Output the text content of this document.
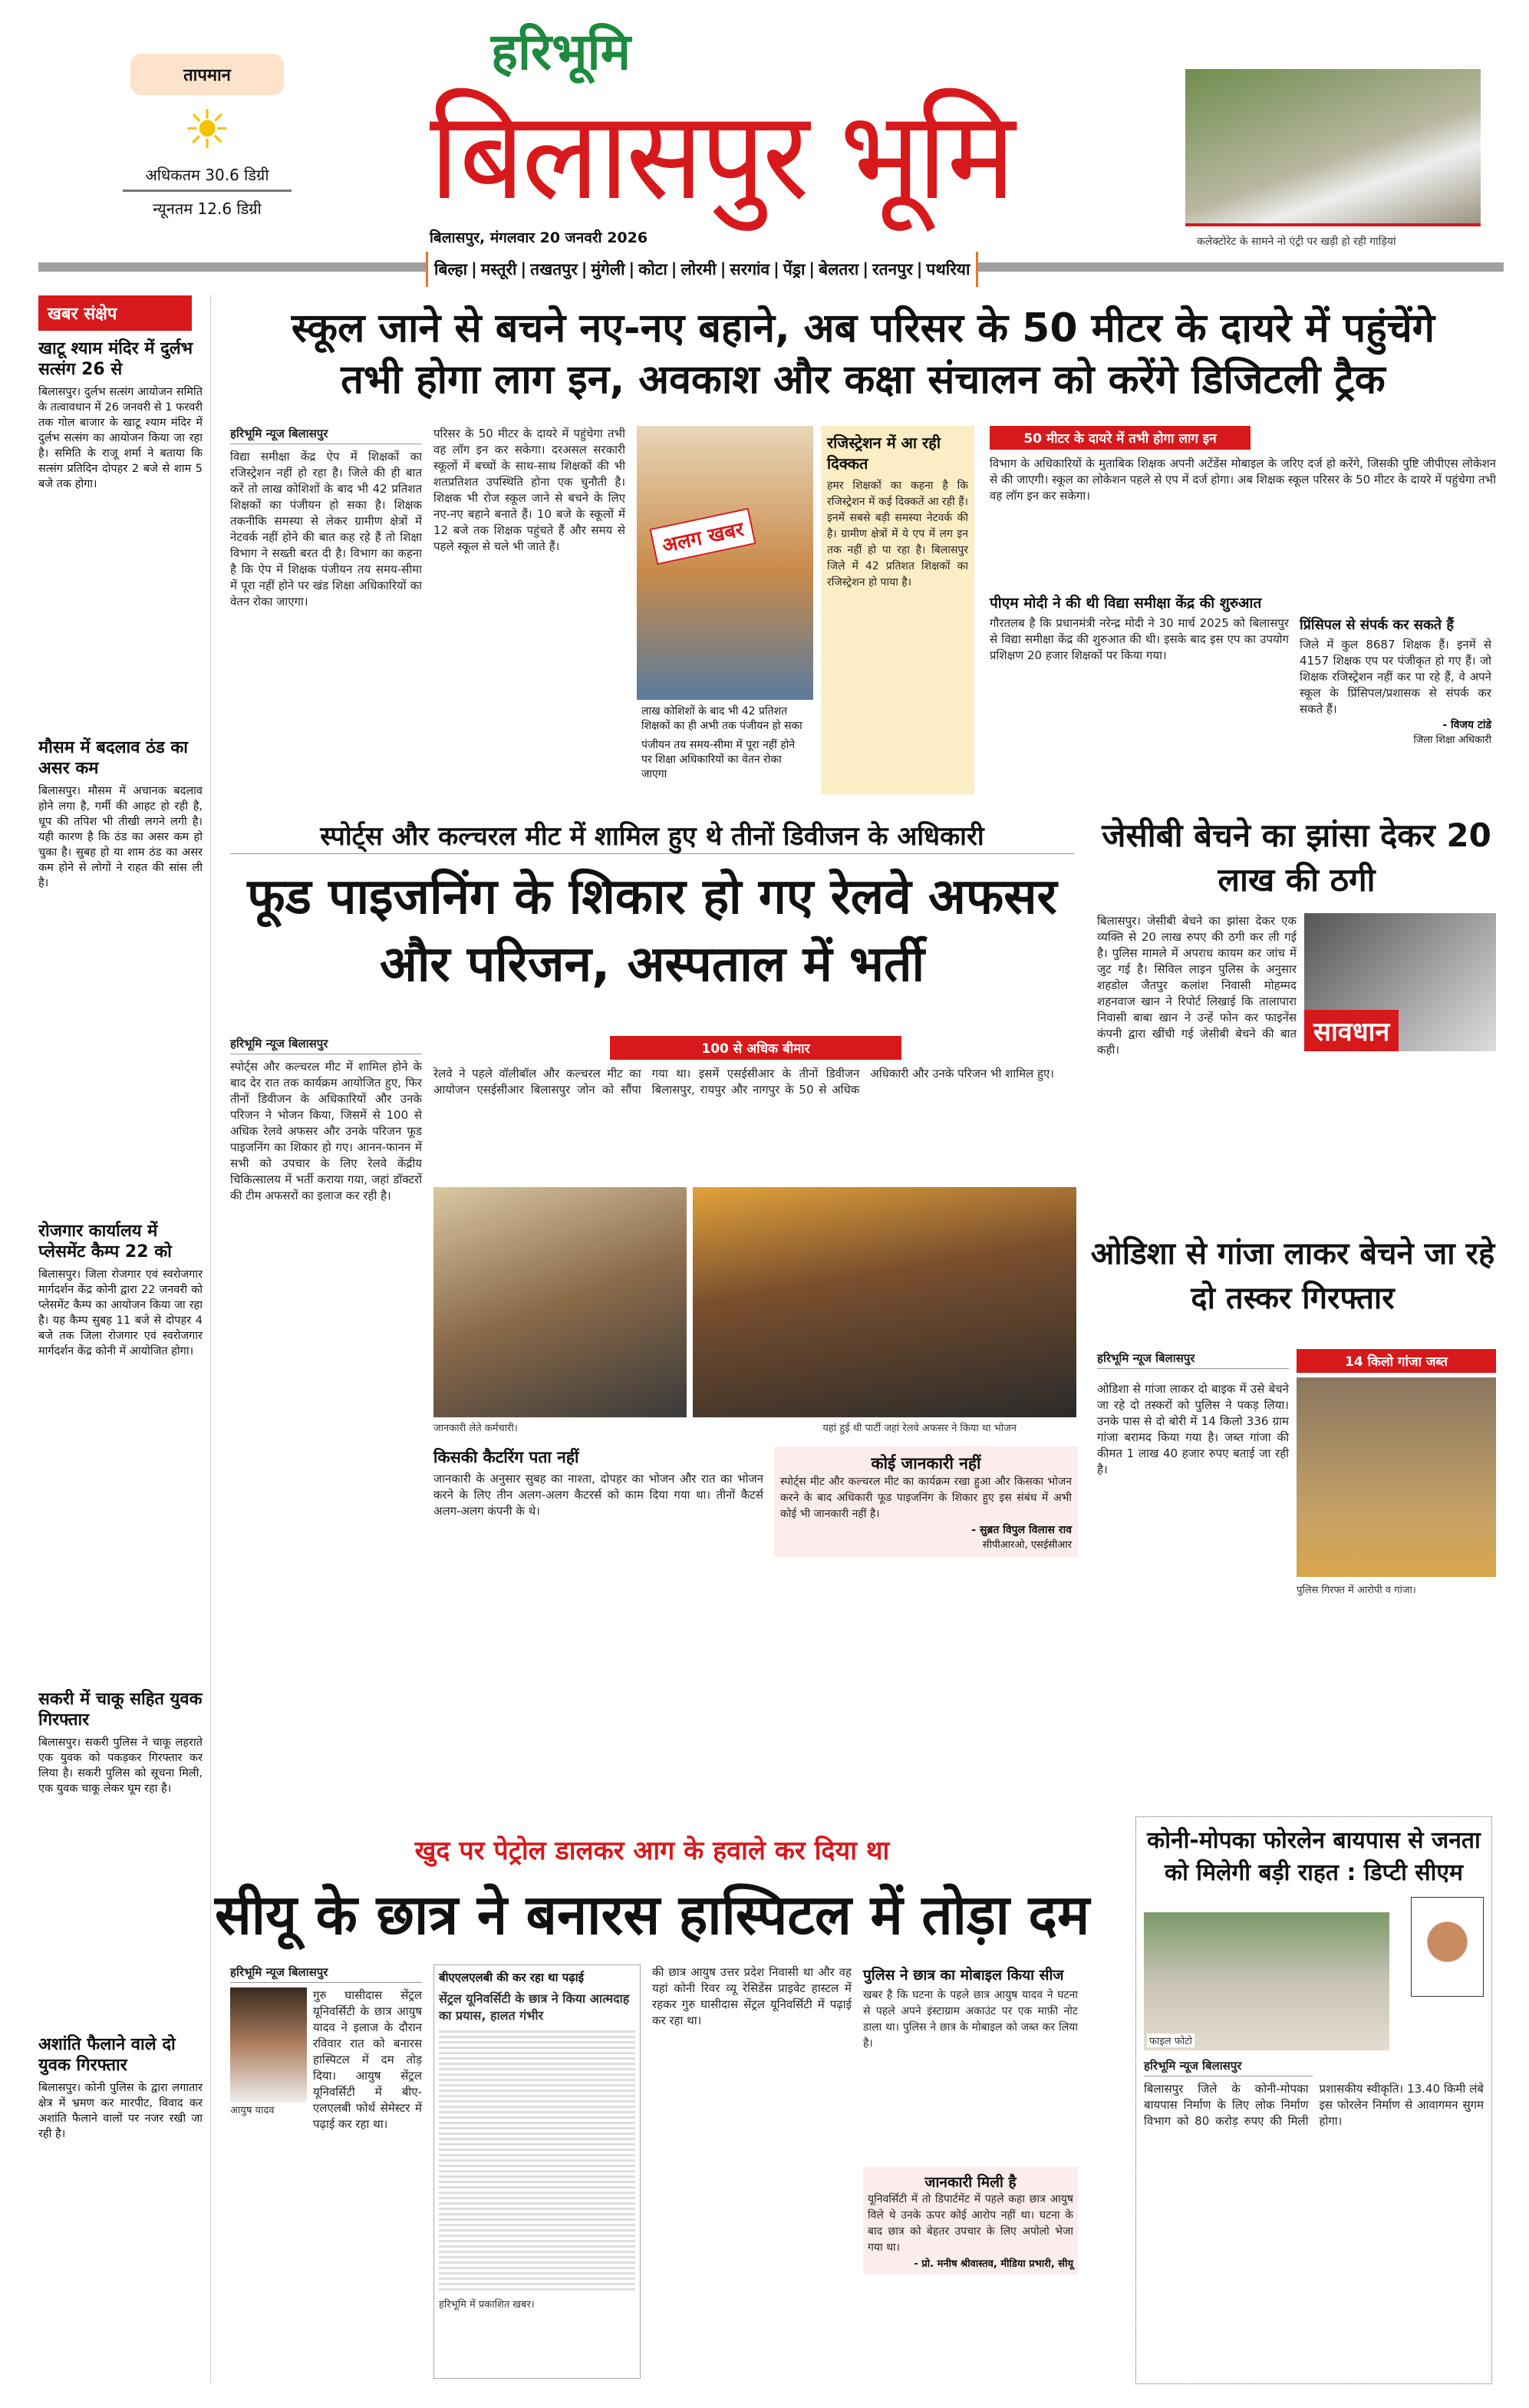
तापमान
☀
अधिकतम 30.6 डिग्री
न्यूनतम 12.6 डिग्री
हरिभूमि
बिलासपुर भूमि
बिलासपुर, मंगलवार 20 जनवरी 2026	कलेक्टोरेट के सामने नो एंट्री पर खड़ी हो रही गाड़ियां
बिल्हा | मस्तूरी | तखतपुर | मुंगेली | कोटा | लोरमी | सरगांव | पेंड्रा | बेलतरा | रतनपुर | पथरिया
खबर संक्षेप
खाटू श्याम मंदिर में दुर्लभ सत्संग 26 से

बिलासपुर। दुर्लभ सत्संग आयोजन समिति के तत्वावधान में 26 जनवरी से 1 फरवरी तक गोल बाजार के खाटू श्याम मंदिर में दुर्लभ सत्संग का आयोजन किया जा रहा है। समिति के राजू शर्मा ने बताया कि सत्संग प्रतिदिन दोपहर 2 बजे से शाम 5 बजे तक होगा।

मौसम में बदलाव ठंड का असर कम

बिलासपुर। मौसम में अचानक बदलाव होने लगा है, गर्मी की आहट हो रही है, धूप की तपिश भी तीखी लगने लगी है। यही कारण है कि ठंड का असर कम हो चुका है। सुबह हो या शाम ठंड का असर कम होने से लोगों ने राहत की सांस ली है।

रोजगार कार्यालय में प्लेसमेंट कैम्प 22 को

बिलासपुर। जिला रोजगार एवं स्वरोजगार मार्गदर्शन केंद्र कोनी द्वारा 22 जनवरी को प्लेसमेंट कैम्प का आयोजन किया जा रहा है। यह कैम्प सुबह 11 बजे से दोपहर 4 बजे तक जिला रोजगार एवं स्वरोजगार मार्गदर्शन केंद्र कोनी में आयोजित होगा।

सकरी में चाकू सहित युवक गिरफ्तार

बिलासपुर। सकरी पुलिस ने चाकू लहराते एक युवक को पकड़कर गिरफ्तार कर लिया है। सकरी पुलिस को सूचना मिली, एक युवक चाकू लेकर घूम रहा है।

अशांति फैलाने वाले दो युवक गिरफ्तार

बिलासपुर। कोनी पुलिस के द्वारा लगातार क्षेत्र में भ्रमण कर मारपीट, विवाद कर अशांति फैलाने वालों पर नजर रखी जा रही है।

स्कूल जाने से बचने नए-नए बहाने, अब परिसर के 50 मीटर के दायरे में पहुंचेंगे
तभी होगा लाग इन, अवकाश और कक्षा संचालन को करेंगे डिजिटली ट्रैक
हरिभूमि न्यूज बिलासपुर
विद्या समीक्षा केंद्र ऐप में शिक्षकों का रजिस्ट्रेशन नहीं हो रहा है। जिले की ही बात करें तो लाख कोशिशों के बाद भी 42 प्रतिशत शिक्षकों का पंजीयन हो सका है। शिक्षक तकनीकि समस्या से लेकर ग्रामीण क्षेत्रों में नेटवर्क नहीं होने की बात कह रहे हैं तो शिक्षा विभाग ने सख्ती बरत दी है। विभाग का कहना है कि ऐप में शिक्षक पंजीयन तय समय-सीमा में पूरा नहीं होने पर खंड शिक्षा अधिकारियों का वेतन रोका जाएगा।
परिसर के 50 मीटर के दायरे में पहुंचेगा तभी वह लॉग इन कर सकेगा। दरअसल सरकारी स्कूलों में बच्चों के साथ-साथ शिक्षकों की भी शतप्रतिशत उपस्थिति होना एक चुनौती है। शिक्षक भी रोज स्कूल जाने से बचने के लिए नए-नए बहाने बनाते हैं। 10 बजे के स्कूलों में 12 बजे तक शिक्षक पहुंचते हैं और समय से पहले स्कूल से चले भी जाते हैं।	अलग खबर
लाख कोशिशों के बाद भी 42 प्रतिशत शिक्षकों का ही अभी तक पंजीयन हो सका
पंजीयन तय समय-सीमा में पूरा नहीं होने पर शिक्षा अधिकारियों का वेतन रोका जाएगा
रजिस्ट्रेशन में आ रही दिक्कत
हमर शिक्षकों का कहना है कि रजिस्ट्रेशन में कई दिक्कतें आ रही हैं। इनमें सबसे बड़ी समस्या नेटवर्क की है। ग्रामीण क्षेत्रों में ये एप में लग इन तक नहीं हो पा रहा है। बिलासपुर जिले में 42 प्रतिशत शिक्षकों का रजिस्ट्रेशन हो पाया है।
50 मीटर के दायरे में तभी होगा लाग इन
विभाग के अधिकारियों के मुताबिक शिक्षक अपनी अटेंडेंस मोबाइल के जरिए दर्ज हो करेंगे, जिसकी पुष्टि जीपीएस लोकेशन से की जाएगी। स्कूल का लोकेशन पहले से एप में दर्ज होगा। अब शिक्षक स्कूल परिसर के 50 मीटर के दायरे में पहुंचेगा तभी वह लॉग इन कर सकेगा।
पीएम मोदी ने की थी विद्या समीक्षा केंद्र की शुरुआत
गौरतलब है कि प्रधानमंत्री नरेन्द्र मोदी ने 30 मार्च 2025 को बिलासपुर से विद्या समीक्षा केंद्र की शुरुआत की थी। इसके बाद इस एप का उपयोग प्रशिक्षण 20 हजार शिक्षकों पर किया गया।
प्रिंसिपल से संपर्क कर सकते हैं
जिले में कुल 8687 शिक्षक हैं। इनमें से 4157 शिक्षक एप पर पंजीकृत हो गए हैं। जो शिक्षक रजिस्ट्रेशन नहीं कर पा रहे हैं, वे अपने स्कूल के प्रिंसिपल/प्रशासक से संपर्क कर सकते हैं।
- विजय टांडे
जिला शिक्षा अधिकारी
स्पोर्ट्स और कल्चरल मीट में शामिल हुए थे तीनों डिवीजन के अधिकारी
फूड पाइजनिंग के शिकार हो गए रेलवे अफसर और परिजन, अस्पताल में भर्ती
हरिभूमि न्यूज बिलासपुर
स्पोर्ट्स और कल्चरल मीट में शामिल होने के बाद देर रात तक कार्यक्रम आयोजित हुए, फिर तीनों डिवीजन के अधिकारियों और उनके परिजन ने भोजन किया, जिसमें से 100 से अधिक रेलवे अफसर और उनके परिजन फूड पाइजनिंग का शिकार हो गए। आनन-फानन में सभी को उपचार के लिए रेलवे केंद्रीय चिकित्सालय में भर्ती कराया गया, जहां डॉक्टरों की टीम अफसरों का इलाज कर रही है।
100 से अधिक बीमार
रेलवे ने पहले वॉलीबॉल और कल्चरल मीट का आयोजन एसईसीआर बिलासपुर जोन को सौंपा गया था। इसमें एसईसीआर के तीनों डिवीजन बिलासपुर, रायपुर और नागपुर के 50 से अधिक अधिकारी और उनके परिजन भी शामिल हुए।
जानकारी लेते कर्मचारी।	यहां हुई थी पार्टी जहां रेलवे अफसर ने किया था भोजन
किसकी कैटरिंग पता नहीं
जानकारी के अनुसार सुबह का नाश्ता, दोपहर का भोजन और रात का भोजन करने के लिए तीन अलग-अलग कैटरर्स को काम दिया गया था। तीनों कैटर्स अलग-अलग कंपनी के थे।
कोई जानकारी नहीं
स्पोर्ट्स मीट और कल्चरल मीट का कार्यक्रम रखा हुआ और किसका भोजन करने के बाद अधिकारी फूड पाइजनिंग के शिकार हुए इस संबंध में अभी कोई भी जानकारी नहीं है।
- सुब्रत विपुल विलास राव
सीपीआरओ, एसईसीआर
जेसीबी बेचने का झांसा देकर 20 लाख की ठगी
सावधान
बिलासपुर। जेसीबी बेचने का झांसा देकर एक व्यक्ति से 20 लाख रुपए की ठगी कर ली गई है। पुलिस मामले में अपराध कायम कर जांच में जुट गई है। सिविल लाइन पुलिस के अनुसार शहडोल जैतपुर कलांश निवासी मोहम्मद शहनवाज खान ने रिपोर्ट लिखाई कि तालापारा निवासी बाबा खान ने उन्हें फोन कर फाइनेंस कंपनी द्वारा खींची गई जेसीबी बेचने की बात कही।
ओडिशा से गांजा लाकर बेचने जा रहे दो तस्कर गिरफ्तार
हरिभूमि न्यूज बिलासपुर	14 किलो गांजा जब्त
ओडिशा से गांजा लाकर दो बाइक में उसे बेचने जा रहे दो तस्करों को पुलिस ने पकड़ लिया। उनके पास से दो बोरी में 14 किलो 336 ग्राम गांजा बरामद किया गया है। जब्त गांजा की कीमत 1 लाख 40 हजार रुपए बताई जा रही है।
पुलिस गिरफ्त में आरोपी व गांजा।
खुद पर पेट्रोल डालकर आग के हवाले कर दिया था
सीयू के छात्र ने बनारस हास्पिटल में तोड़ा दम
हरिभूमि न्यूज बिलासपुर
आयुष यादव
गुरु घासीदास सेंट्रल यूनिवर्सिटी के छात्र आयुष यादव ने इलाज के दौरान रविवार रात को बनारस हास्पिटल में दम तोड़ दिया। आयुष सेंट्रल यूनिवर्सिटी में बीए-एलएलबी फोर्थ सेमेस्टर में पढ़ाई कर रहा था।
बीएएलएलबी की कर रहा था पढ़ाई
सेंट्रल यूनिवर्सिटी के छात्र ने किया आत्मदाह का प्रयास, हालत गंभीर
हरिभूमि में प्रकाशित खबर।
की छात्र आयुष उत्तर प्रदेश निवासी था और वह यहां कोनी रिवर व्यू रेसिडेंस प्राइवेट हास्टल में रहकर गुरु घासीदास सेंट्रल यूनिवर्सिटी में पढ़ाई कर रहा था।
पुलिस ने छात्र का मोबाइल किया सीज
खबर है कि घटना के पहले छात्र आयुष यादव ने घटना से पहले अपने इंस्टाग्राम अकाउंट पर एक माफ़ी नोट डाला था। पुलिस ने छात्र के मोबाइल को जब्त कर लिया है।
जानकारी मिली है
यूनिवर्सिटी में तो डिपार्टमेंट में पहले कहा छात्र आयुष विले थे उनके ऊपर कोई आरोप नहीं था। घटना के बाद छात्र को बेहतर उपचार के लिए अपोलो भेजा गया था।
- प्रो. मनीष श्रीवास्तव, मीडिया प्रभारी, सीयू
कोनी-मोपका फोरलेन बायपास से जनता को मिलेगी बड़ी राहत : डिप्टी सीएम
फाइल फोटो
हरिभूमि न्यूज बिलासपुर
बिलासपुर जिले के कोनी-मोपका बायपास निर्माण के लिए लोक निर्माण विभाग को 80 करोड़ रुपए की मिली प्रशासकीय स्वीकृति। 13.40 किमी लंबे इस फोरलेन निर्माण से आवागमन सुगम होगा।
